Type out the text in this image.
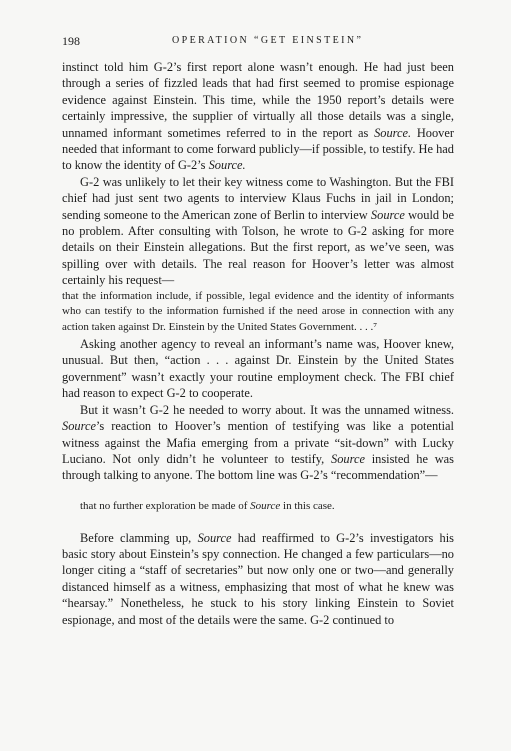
198	OPERATION “GET EINSTEIN”

instinct told him G-2’s first report alone wasn’t enough. He had just been through a series of fizzled leads that had first seemed to promise espionage evidence against Einstein. This time, while the 1950 report’s details were certainly impressive, the supplier of virtually all those details was a single, unnamed informant sometimes referred to in the report as Source. Hoover needed that informant to come forward publicly—if possible, to testify. He had to know the identity of G-2’s Source.

G-2 was unlikely to let their key witness come to Washington. But the FBI chief had just sent two agents to interview Klaus Fuchs in jail in London; sending someone to the American zone of Berlin to interview Source would be no problem. After consulting with Tolson, he wrote to G-2 asking for more details on their Einstein allegations. But the first report, as we’ve seen, was spilling over with details. The real reason for Hoover’s letter was almost certainly his request—

that the information include, if possible, legal evidence and the identity of informants who can testify to the information furnished if the need arose in connection with any action taken against Dr. Einstein by the United States Government. . . .⁷

Asking another agency to reveal an informant’s name was, Hoover knew, unusual. But then, “action . . . against Dr. Einstein by the United States government” wasn’t exactly your routine employment check. The FBI chief had reason to expect G-2 to cooperate.

But it wasn’t G-2 he needed to worry about. It was the unnamed witness. Source’s reaction to Hoover’s mention of testifying was like a potential witness against the Mafia emerging from a private “sit-down” with Lucky Luciano. Not only didn’t he volunteer to testify, Source insisted he was through talking to anyone. The bottom line was G-2’s “recommendation”—

that no further exploration be made of Source in this case.

Before clamming up, Source had reaffirmed to G-2’s investigators his basic story about Einstein’s spy connection. He changed a few particulars—no longer citing a “staff of secretaries” but now only one or two—and generally distanced himself as a witness, emphasizing that most of what he knew was “hearsay.” Nonetheless, he stuck to his story linking Einstein to Soviet espionage, and most of the details were the same. G-2 continued to
